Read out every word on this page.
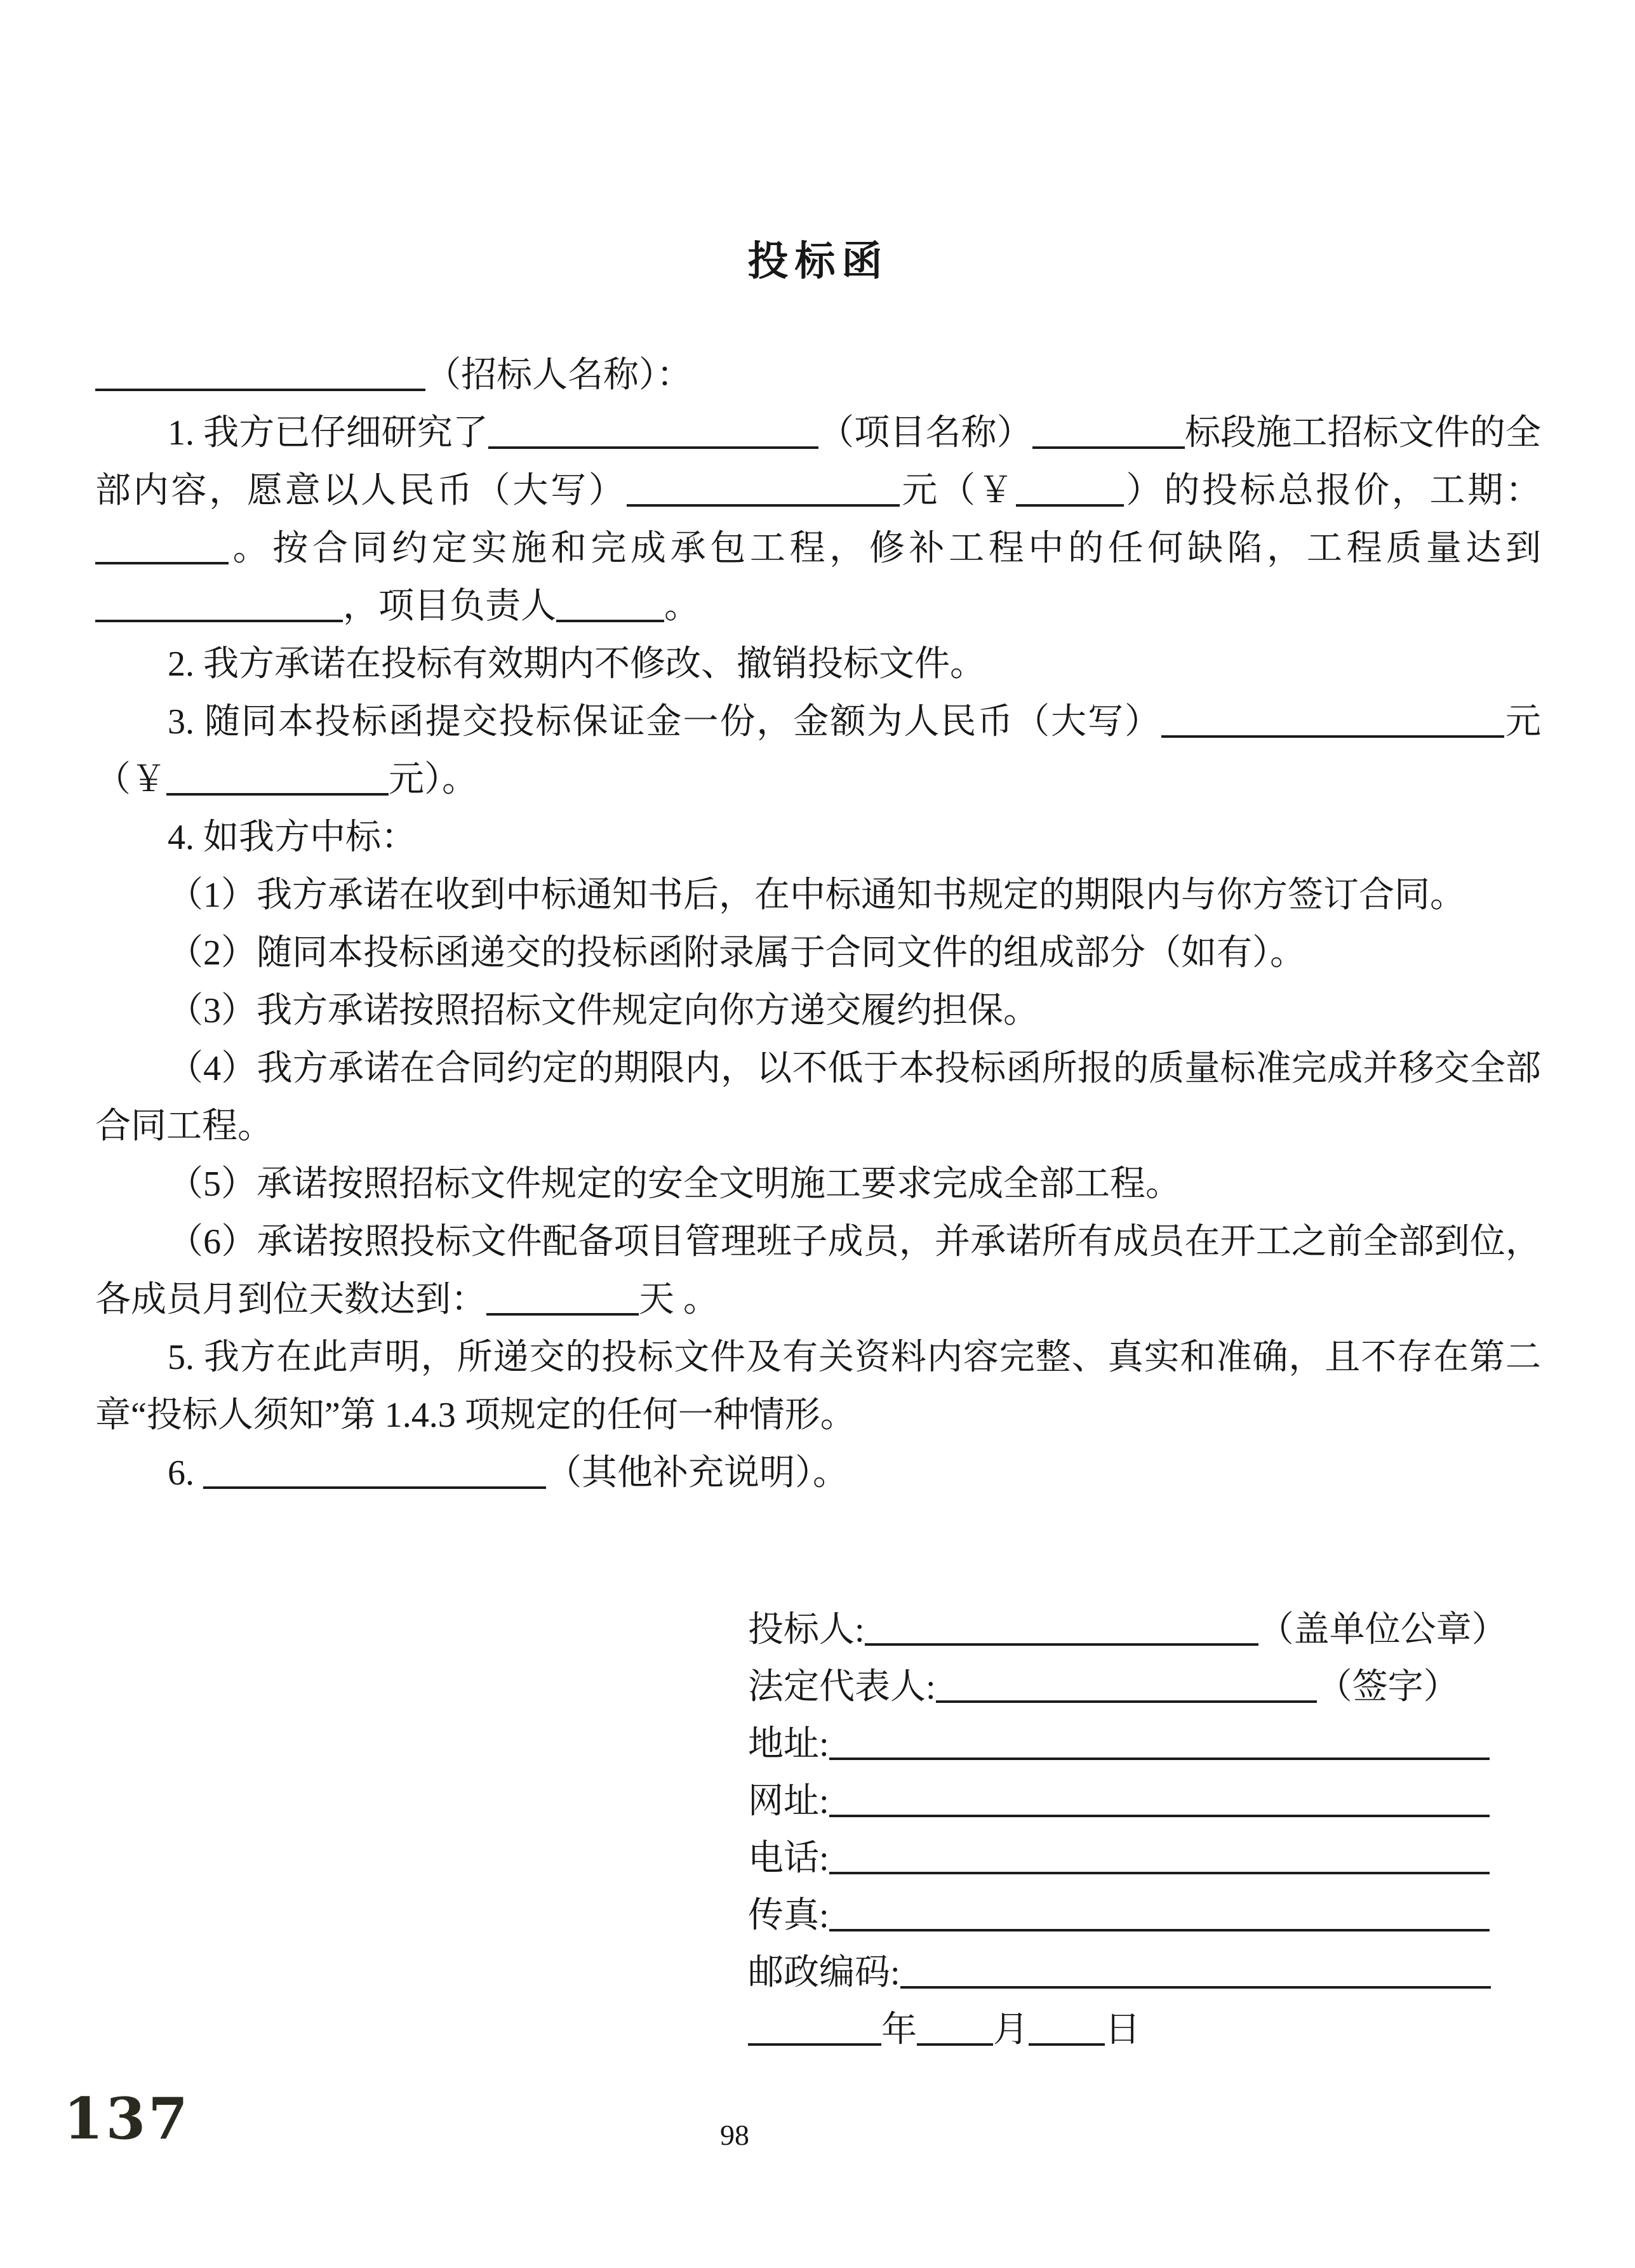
投标函

（招标人名称）：

1. 我方已仔细研究了	（项目名称）	标段施工招标文件的全部内容，愿意以人民币（大写）	元（￥	）的投标总报价，工期：。按合同约定实施和完成承包工程，修补工程中的任何缺陷，工程质量达到，项目负责人	。

2. 我方承诺在投标有效期内不修改、撤销投标文件。

3. 随同本投标函提交投标保证金一份，金额为人民币（大写）	元（￥	元）。

4. 如我方中标：

（1）我方承诺在收到中标通知书后，在中标通知书规定的期限内与你方签订合同。

（2）随同本投标函递交的投标函附录属于合同文件的组成部分（如有）。

（3）我方承诺按照招标文件规定向你方递交履约担保。

（4）我方承诺在合同约定的期限内，以不低于本投标函所报的质量标准完成并移交全部合同工程。

（5）承诺按照招标文件规定的安全文明施工要求完成全部工程。

（6）承诺按照投标文件配备项目管理班子成员，并承诺所有成员在开工之前全部到位，各成员月到位天数达到：	天 。

5. 我方在此声明，所递交的投标文件及有关资料内容完整、真实和准确，且不存在第二章“投标人须知”第 1.4.3 项规定的任何一种情形。

6.	（其他补充说明）。

投标人:	（盖单位公章）

法定代表人:	（签字）

地址:

网址:

电话:

传真:

邮政编码:

年 月 日

137	98
